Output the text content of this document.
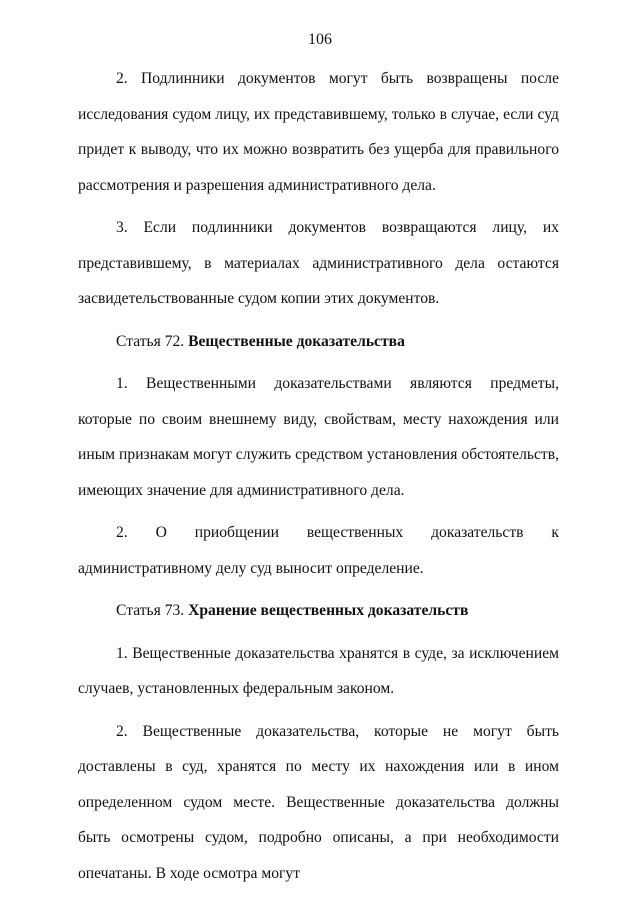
106

2. Подлинники документов могут быть возвращены после исследования судом лицу, их представившему, только в случае, если суд придет к выводу, что их можно возвратить без ущерба для правильного рассмотрения и разрешения административного дела.

3. Если подлинники документов возвращаются лицу, их представившему, в материалах административного дела остаются засвидетельствованные судом копии этих документов.

Статья 72. Вещественные доказательства

1. Вещественными доказательствами являются предметы, которые по своим внешнему виду, свойствам, месту нахождения или иным признакам могут служить средством установления обстоятельств, имеющих значение для административного дела.

2. О приобщении вещественных доказательств к административному делу суд выносит определение.

Статья 73. Хранение вещественных доказательств

1. Вещественные доказательства хранятся в суде, за исключением случаев, установленных федеральным законом.

2. Вещественные доказательства, которые не могут быть доставлены в суд, хранятся по месту их нахождения или в ином определенном судом месте. Вещественные доказательства должны быть осмотрены судом, подробно описаны, а при необходимости опечатаны. В ходе осмотра могут
